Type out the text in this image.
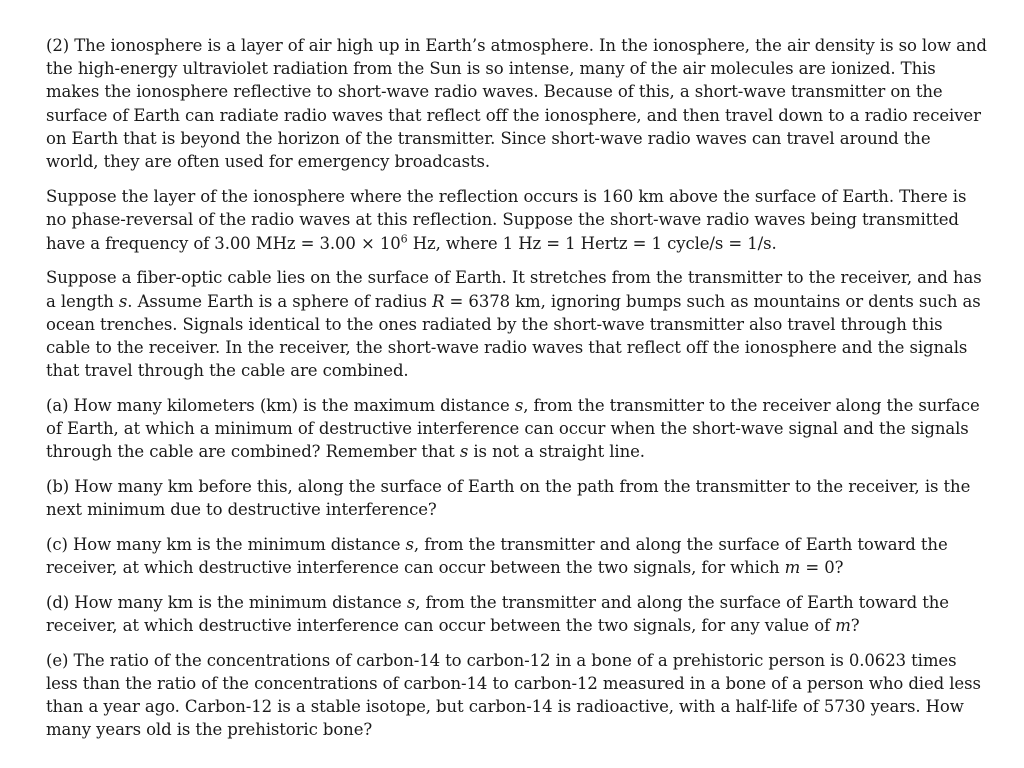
(2) The ionosphere is a layer of air high up in Earth’s atmosphere. In the ionosphere, the air density is so low and the high-energy ultraviolet radiation from the Sun is so intense, many of the air molecules are ionized. This makes the ionosphere reflective to short-wave radio waves. Because of this, a short-wave transmitter on the surface of Earth can radiate radio waves that reflect off the ionosphere, and then travel down to a radio receiver on Earth that is beyond the horizon of the transmitter. Since short-wave radio waves can travel around the world, they are often used for emergency broadcasts.

Suppose the layer of the ionosphere where the reflection occurs is 160 km above the surface of Earth. There is no phase-reversal of the radio waves at this reflection. Suppose the short-wave radio waves being transmitted have a frequency of 3.00 MHz = $3.00 \times 10^6$ Hz, where 1 Hz = 1 Hertz = 1 cycle/s = 1/s.

Suppose a fiber-optic cable lies on the surface of Earth. It stretches from the transmitter to the receiver, and has a length s. Assume Earth is a sphere of radius R = 6378 km, ignoring bumps such as mountains or dents such as ocean trenches. Signals identical to the ones radiated by the short-wave transmitter also travel through this cable to the receiver. In the receiver, the short-wave radio waves that reflect off the ionosphere and the signals that travel through the cable are combined.

(a) How many kilometers (km) is the maximum distance s, from the transmitter to the receiver along the surface of Earth, at which a minimum of destructive interference can occur when the short-wave signal and the signals through the cable are combined? Remember that s is not a straight line.

(b) How many km before this, along the surface of Earth on the path from the transmitter to the receiver, is the next minimum due to destructive interference?

(c) How many km is the minimum distance s, from the transmitter and along the surface of Earth toward the receiver, at which destructive interference can occur between the two signals, for which m = 0?

(d) How many km is the minimum distance s, from the transmitter and along the surface of Earth toward the receiver, at which destructive interference can occur between the two signals, for any value of m?

(e) The ratio of the concentrations of carbon-14 to carbon-12 in a bone of a prehistoric person is 0.0623 times less than the ratio of the concentrations of carbon-14 to carbon-12 measured in a bone of a person who died less than a year ago. Carbon-12 is a stable isotope, but carbon-14 is radioactive, with a half-life of 5730 years. How many years old is the prehistoric bone?
